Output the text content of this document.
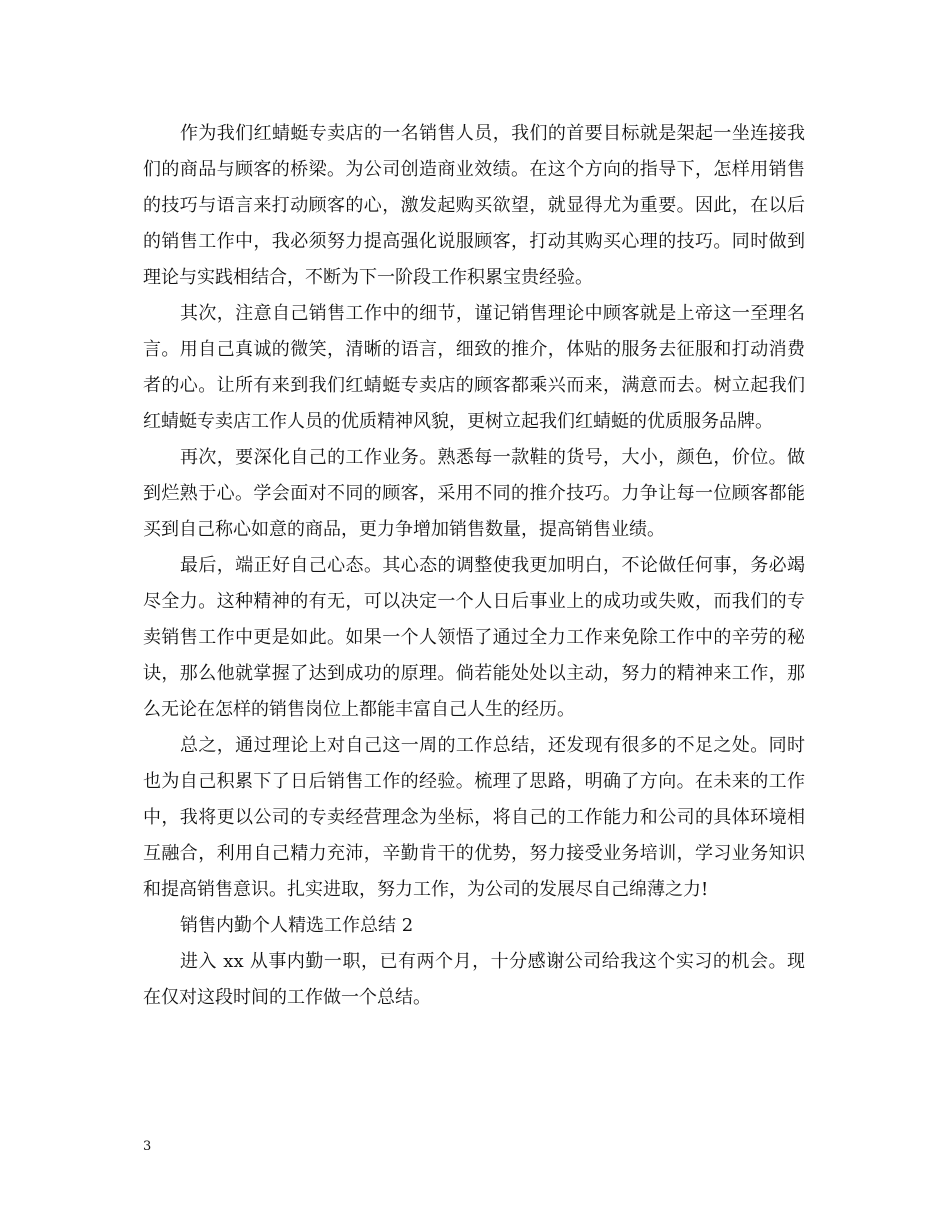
作为我们红蜻蜓专卖店的一名销售人员，我们的首要目标就是架起一坐连接我们的商品与顾客的桥梁。为公司创造商业效绩。在这个方向的指导下，怎样用销售的技巧与语言来打动顾客的心，激发起购买欲望，就显得尤为重要。因此，在以后的销售工作中，我必须努力提高强化说服顾客，打动其购买心理的技巧。同时做到理论与实践相结合，不断为下一阶段工作积累宝贵经验。

其次，注意自己销售工作中的细节，谨记销售理论中顾客就是上帝这一至理名言。用自己真诚的微笑，清晰的语言，细致的推介，体贴的服务去征服和打动消费者的心。让所有来到我们红蜻蜓专卖店的顾客都乘兴而来，满意而去。树立起我们红蜻蜓专卖店工作人员的优质精神风貌，更树立起我们红蜻蜓的优质服务品牌。

再次，要深化自己的工作业务。熟悉每一款鞋的货号，大小，颜色，价位。做到烂熟于心。学会面对不同的顾客，采用不同的推介技巧。力争让每一位顾客都能买到自己称心如意的商品，更力争增加销售数量，提高销售业绩。

最后，端正好自己心态。其心态的调整使我更加明白，不论做任何事，务必竭尽全力。这种精神的有无，可以决定一个人日后事业上的成功或失败，而我们的专卖销售工作中更是如此。如果一个人领悟了通过全力工作来免除工作中的辛劳的秘诀，那么他就掌握了达到成功的原理。倘若能处处以主动，努力的精神来工作，那么无论在怎样的销售岗位上都能丰富自己人生的经历。

总之，通过理论上对自己这一周的工作总结，还发现有很多的不足之处。同时也为自己积累下了日后销售工作的经验。梳理了思路，明确了方向。在未来的工作中，我将更以公司的专卖经营理念为坐标，将自己的工作能力和公司的具体环境相互融合，利用自己精力充沛，辛勤肯干的优势，努力接受业务培训，学习业务知识和提高销售意识。扎实进取，努力工作，为公司的发展尽自己绵薄之力!

销售内勤个人精选工作总结 2

进入 xx 从事内勤一职，已有两个月，十分感谢公司给我这个实习的机会。现在仅对这段时间的工作做一个总结。

3
